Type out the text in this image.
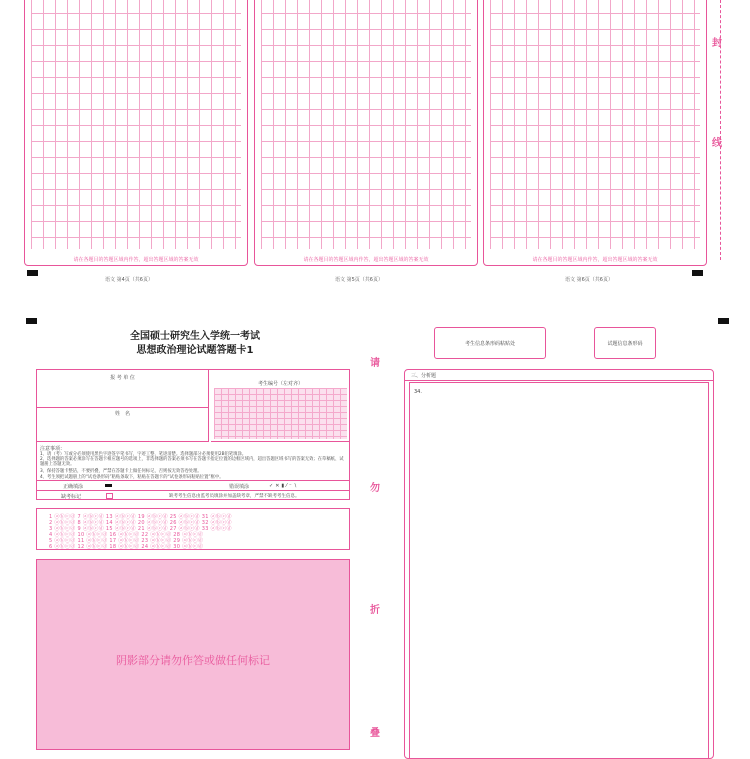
请在各题目的答题区域内作答，超出答题区域的答案无效	请在各题目的答题区域内作答，超出答题区域的答案无效	请在各题目的答题区域内作答，超出答题区域的答案无效
语文 第4页（共6页）	语文 第5页（共6页）	语文 第6页（共6页）
封
线
全国硕士研究生入学统一考试
思想政治理论试题答题卡1
考生信息条形码粘贴处	试题信息条形码
报 考 单 位
姓　名
考生编号（左对齐）
注意事项：
1、请（考）写或分必须使用黑色字迹签字笔书写，字迹工整，笔迹清楚。选择题部分必须使用2B铅笔填涂。
2、选择题的答案必须涂写在答题卡相应题号的选项上，非选择题的答案必须书写在答题卡指定位置的边框区域内，超出答题区域书写的答案无效；在草稿纸、试题册上答题无效。
3、保持答题卡整洁，不要折叠，严禁在答题卡上做任何标记，否则按无效答卷处理。
4、考生须把试题册上的“试卷条形码”粘贴条取下，粘贴在答题卡的“试卷条形码粘贴位置”框中。
正确填涂	错误填涂	✓✕▮⁄⁻∖
缺考标记	缺考考生信息由监考员填涂并加盖缺考章，严禁不缺考考生信息。
1 ⓐⓑⓒⓓ 7 ⓐⓑⓒⓓ 13 ⓐⓑⓒⓓ 19 ⓐⓑⓒⓓ 25 ⓐⓑⓒⓓ 31 ⓐⓑⓒⓓ
2 ⓐⓑⓒⓓ 8 ⓐⓑⓒⓓ 14 ⓐⓑⓒⓓ 20 ⓐⓑⓒⓓ 26 ⓐⓑⓒⓓ 32 ⓐⓑⓒⓓ
3 ⓐⓑⓒⓓ 9 ⓐⓑⓒⓓ 15 ⓐⓑⓒⓓ 21 ⓐⓑⓒⓓ 27 ⓐⓑⓒⓓ 33 ⓐⓑⓒⓓ
4 ⓐⓑⓒⓓ 10 ⓐⓑⓒⓓ 16 ⓐⓑⓒⓓ 22 ⓐⓑⓒⓓ 28 ⓐⓑⓒⓓ
5 ⓐⓑⓒⓓ 11 ⓐⓑⓒⓓ 17 ⓐⓑⓒⓓ 23 ⓐⓑⓒⓓ 29 ⓐⓑⓒⓓ
6 ⓐⓑⓒⓓ 12 ⓐⓑⓒⓓ 18 ⓐⓑⓒⓓ 24 ⓐⓑⓒⓓ 30 ⓐⓑⓒⓓ
阴影部分请勿作答或做任何标记
请
勿
折
叠
三、分析题
34.
